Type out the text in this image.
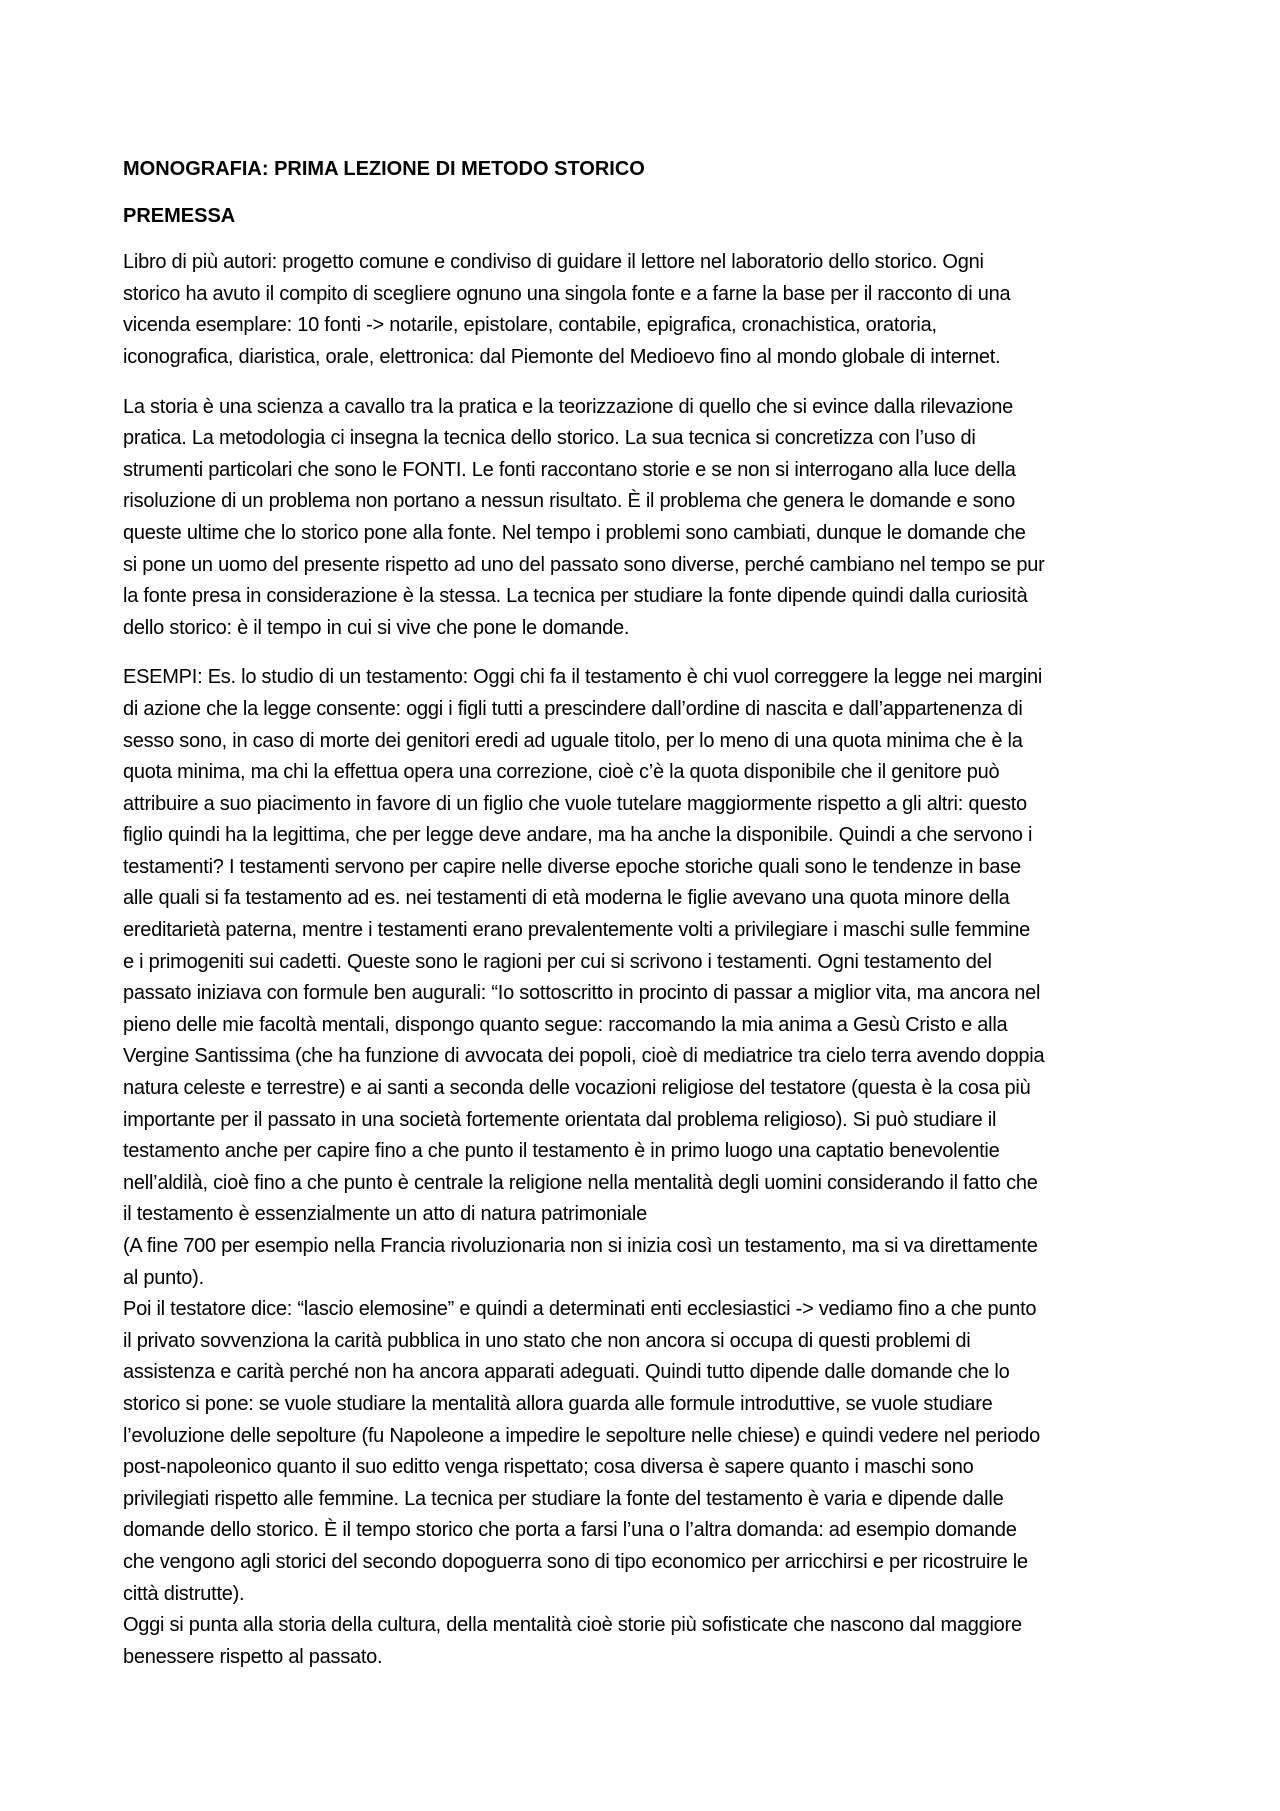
MONOGRAFIA: PRIMA LEZIONE DI METODO STORICO
PREMESSA
Libro di più autori: progetto comune e condiviso di guidare il lettore nel laboratorio dello storico. Ogni
storico ha avuto il compito di scegliere ognuno una singola fonte e a farne la base per il racconto di una
vicenda esemplare: 10 fonti -> notarile, epistolare, contabile, epigrafica, cronachistica, oratoria,
iconografica, diaristica, orale, elettronica: dal Piemonte del Medioevo fino al mondo globale di internet.
La storia è una scienza a cavallo tra la pratica e la teorizzazione di quello che si evince dalla rilevazione
pratica. La metodologia ci insegna la tecnica dello storico. La sua tecnica si concretizza con l’uso di
strumenti particolari che sono le FONTI. Le fonti raccontano storie e se non si interrogano alla luce della
risoluzione di un problema non portano a nessun risultato. È il problema che genera le domande e sono
queste ultime che lo storico pone alla fonte. Nel tempo i problemi sono cambiati, dunque le domande che
si pone un uomo del presente rispetto ad uno del passato sono diverse, perché cambiano nel tempo se pur
la fonte presa in considerazione è la stessa. La tecnica per studiare la fonte dipende quindi dalla curiosità
dello storico: è il tempo in cui si vive che pone le domande.
ESEMPI: Es. lo studio di un testamento: Oggi chi fa il testamento è chi vuol correggere la legge nei margini
di azione che la legge consente: oggi i figli tutti a prescindere dall’ordine di nascita e dall’appartenenza di
sesso sono, in caso di morte dei genitori eredi ad uguale titolo, per lo meno di una quota minima che è la
quota minima, ma chi la effettua opera una correzione, cioè c’è la quota disponibile che il genitore può
attribuire a suo piacimento in favore di un figlio che vuole tutelare maggiormente rispetto a gli altri: questo
figlio quindi ha la legittima, che per legge deve andare, ma ha anche la disponibile. Quindi a che servono i
testamenti? I testamenti servono per capire nelle diverse epoche storiche quali sono le tendenze in base
alle quali si fa testamento ad es. nei testamenti di età moderna le figlie avevano una quota minore della
ereditarietà paterna, mentre i testamenti erano prevalentemente volti a privilegiare i maschi sulle femmine
e i primogeniti sui cadetti. Queste sono le ragioni per cui si scrivono i testamenti. Ogni testamento del
passato iniziava con formule ben augurali: “Io sottoscritto in procinto di passar a miglior vita, ma ancora nel
pieno delle mie facoltà mentali, dispongo quanto segue: raccomando la mia anima a Gesù Cristo e alla
Vergine Santissima (che ha funzione di avvocata dei popoli, cioè di mediatrice tra cielo terra avendo doppia
natura celeste e terrestre) e ai santi a seconda delle vocazioni religiose del testatore (questa è la cosa più
importante per il passato in una società fortemente orientata dal problema religioso). Si può studiare il
testamento anche per capire fino a che punto il testamento è in primo luogo una captatio benevolentie
nell’aldilà, cioè fino a che punto è centrale la religione nella mentalità degli uomini considerando il fatto che
il testamento è essenzialmente un atto di natura patrimoniale
(A fine 700 per esempio nella Francia rivoluzionaria non si inizia così un testamento, ma si va direttamente
al punto).
Poi il testatore dice: “lascio elemosine” e quindi a determinati enti ecclesiastici -> vediamo fino a che punto
il privato sovvenziona la carità pubblica in uno stato che non ancora si occupa di questi problemi di
assistenza e carità perché non ha ancora apparati adeguati. Quindi tutto dipende dalle domande che lo
storico si pone: se vuole studiare la mentalità allora guarda alle formule introduttive, se vuole studiare
l’evoluzione delle sepolture (fu Napoleone a impedire le sepolture nelle chiese) e quindi vedere nel periodo
post-napoleonico quanto il suo editto venga rispettato; cosa diversa è sapere quanto i maschi sono
privilegiati rispetto alle femmine. La tecnica per studiare la fonte del testamento è varia e dipende dalle
domande dello storico. È il tempo storico che porta a farsi l’una o l’altra domanda: ad esempio domande
che vengono agli storici del secondo dopoguerra sono di tipo economico per arricchirsi e per ricostruire le
città distrutte).
Oggi si punta alla storia della cultura, della mentalità cioè storie più sofisticate che nascono dal maggiore
benessere rispetto al passato.
